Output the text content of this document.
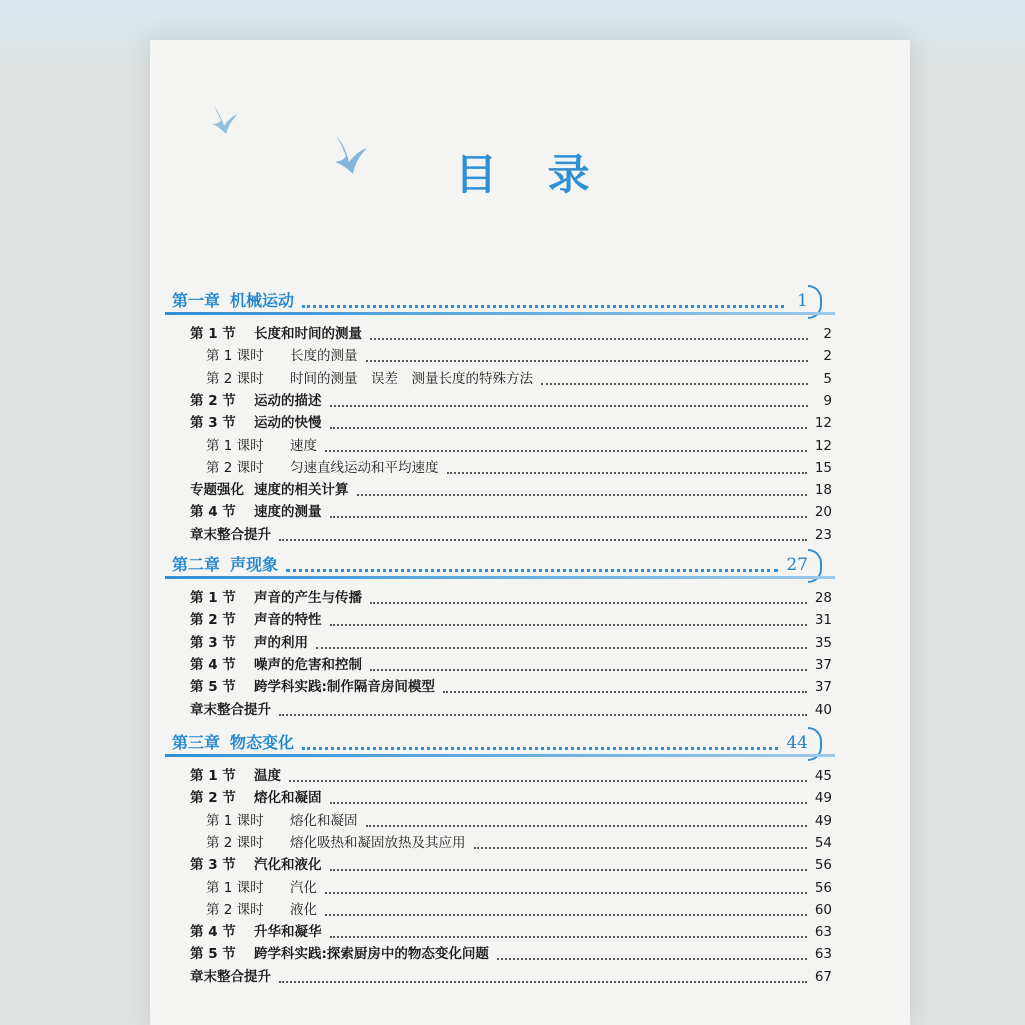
目 录
第一章 机械运动	1
第 1 节	长度和时间的测量	2
第 1 课时	长度的测量	2
第 2 课时	时间的测量　误差　测量长度的特殊方法	5
第 2 节	运动的描述	9
第 3 节	运动的快慢	12
第 1 课时	速度	12
第 2 课时	匀速直线运动和平均速度	15
专题强化 速度的相关计算	18
第 4 节	速度的测量	20
章末整合提升	23
第二章 声现象	27
第 1 节	声音的产生与传播	28
第 2 节	声音的特性	31
第 3 节	声的利用	35
第 4 节	噪声的危害和控制	37
第 5 节	跨学科实践:制作隔音房间模型	37
章末整合提升	40
第三章 物态变化	44
第 1 节	温度	45
第 2 节	熔化和凝固	49
第 1 课时	熔化和凝固	49
第 2 课时	熔化吸热和凝固放热及其应用	54
第 3 节	汽化和液化	56
第 1 课时	汽化	56
第 2 课时	液化	60
第 4 节	升华和凝华	63
第 5 节	跨学科实践:探索厨房中的物态变化问题	63
章末整合提升	67
